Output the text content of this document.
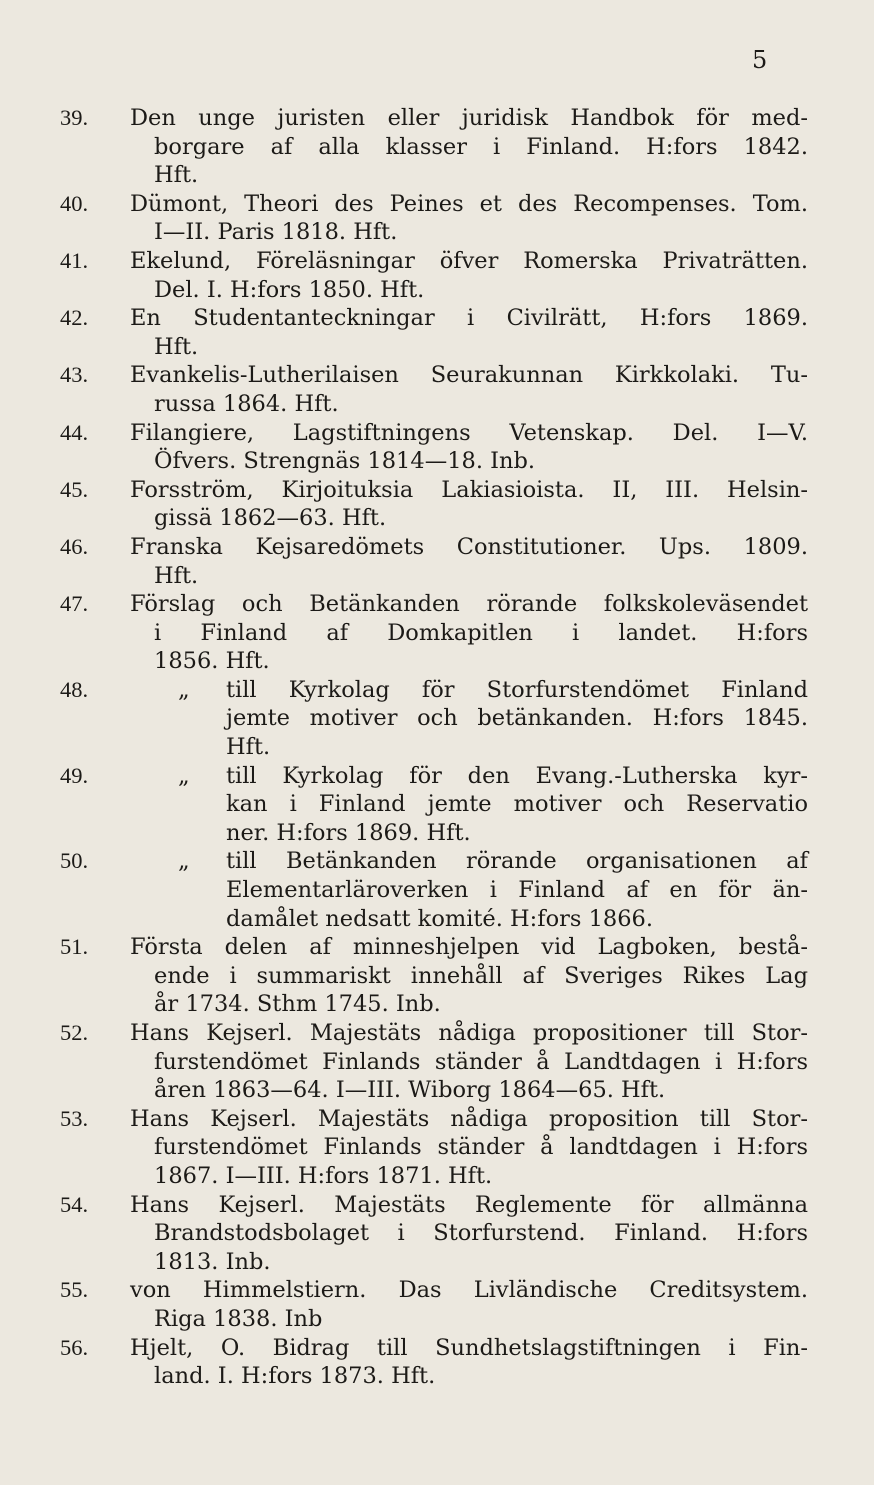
5
39.	Den unge juristen eller juridisk Handbok för med-
borgare af alla klasser i Finland. H:fors 1842.
Hft.
40.	Dümont, Theori des Peines et des Recompenses. Tom.
I—II. Paris 1818. Hft.
41.	Ekelund, Föreläsningar öfver Romerska Privaträtten.
Del. I. H:fors 1850. Hft.
42.	En Studentanteckningar i Civilrätt, H:fors 1869.
Hft.
43.	Evankelis-Lutherilaisen Seurakunnan Kirkkolaki. Tu-
russa 1864. Hft.
44.	Filangiere, Lagstiftningens Vetenskap. Del. I—V.
Öfvers. Strengnäs 1814—18. Inb.
45.	Forsström, Kirjoituksia Lakiasioista. II, III. Helsin-
gissä 1862—63. Hft.
46.	Franska Kejsaredömets Constitutioner. Ups. 1809.
Hft.
47.	Förslag och Betänkanden rörande folkskoleväsendet
i Finland af Domkapitlen i landet. H:fors
1856. Hft.
48.	„ till Kyrkolag för Storfurstendömet Finland
jemte motiver och betänkanden. H:fors 1845.
Hft.
49.	„ till Kyrkolag för den Evang.-Lutherska kyr-
kan i Finland jemte motiver och Reservatio
ner. H:fors 1869. Hft.
50.	„ till Betänkanden rörande organisationen af
Elementarläroverken i Finland af en för än-
damålet nedsatt komité. H:fors 1866.
51.	Första delen af minneshjelpen vid Lagboken, bestå-
ende i summariskt innehåll af Sveriges Rikes Lag
år 1734. Sthm 1745. Inb.
52.	Hans Kejserl. Majestäts nådiga propositioner till Stor-
furstendömet Finlands ständer å Landtdagen i H:fors
åren 1863—64. I—III. Wiborg 1864—65. Hft.
53.	Hans Kejserl. Majestäts nådiga proposition till Stor-
furstendömet Finlands ständer å landtdagen i H:fors
1867. I—III. H:fors 1871. Hft.
54.	Hans Kejserl. Majestäts Reglemente för allmänna
Brandstodsbolaget i Storfurstend. Finland. H:fors
1813. Inb.
55.	von Himmelstiern. Das Livländische Creditsystem.
Riga 1838. Inb
56.	Hjelt, O. Bidrag till Sundhetslagstiftningen i Fin-
land. I. H:fors 1873. Hft.
